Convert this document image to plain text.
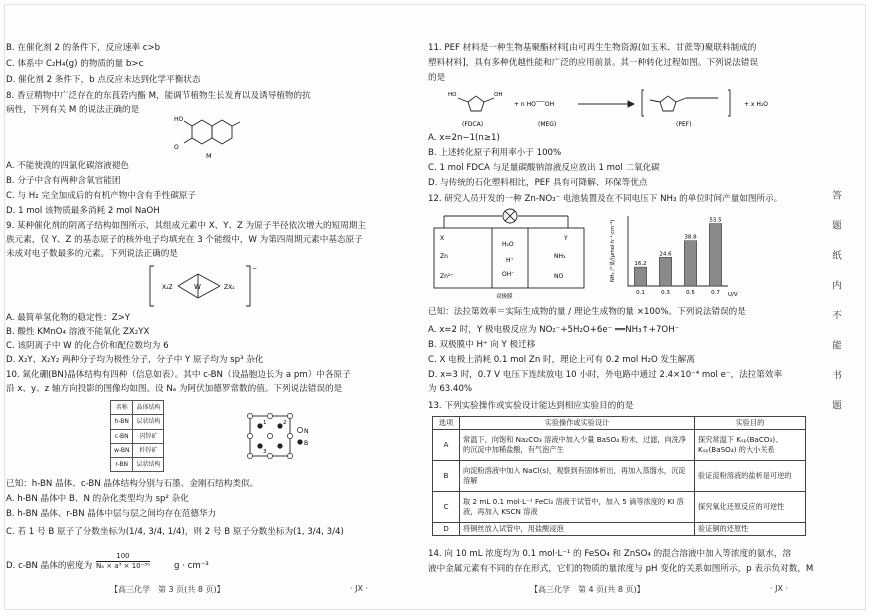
B. 在催化剂 2 的条件下，反应速率 c>b
C. 体系中 C₂H₄(g) 的物质的量 b>c
D. 催化剂 2 条件下，b 点反应未达到化学平衡状态
8. 香豆精物中广泛存在的东莨菪内酯 M，能调节植物生长发育以及诱导植物的抗
病性，下列有关 M 的说法正确的是
HO
O
M
A. 不能使溴的四氯化碳溶液褪色
B. 分子中含有两种含氧官能团
C. 与 H₂ 完全加成后的有机产物中含有手性碳原子
D. 1 mol 该物质最多消耗 2 mol NaOH
9. 某种催化剂的阴离子结构如图所示，其组成元素中 X、Y、Z 为原子半径依次增大的短周期主
族元素，仅 Y、Z 的基态原子的核外电子均填充在 3 个能级中，W 为第四周期元素中基态原子
未成对电子数最多的元素。下列说法正确的是
X₂Z	W	ZX₂
−
A. 最简单氢化物的稳定性：Z>Y
B. 酸性 KMnO₄ 溶液不能氧化 ZX₂YX
C. 该阴离子中 W 的化合价和配位数均为 6
D. X₂Y、X₂Y₂ 两种分子均为极性分子，分子中 Y 原子均为 sp³ 杂化
10. 氮化硼(BN)晶体结构有四种（信息如表）。其中 c-BN（设晶胞边长为 a pm）中各原子
沿 x、y、z 轴方向投影的图像均如图。设 Nₐ 为阿伏加德罗常数的值。下列说法错误的是
名称	晶体结构
h-BN	层状结构
c-BN	闪锌矿
w-BN	纤锌矿
r-BN	层状结构
1	2
3
N
B
已知：h-BN 晶体、c-BN 晶体结构分别与石墨、金刚石结构类似。
A. h-BN 晶体中 B、N 的杂化类型均为 sp² 杂化
B. h-BN 晶体、r-BN 晶体中层与层之间均存在范德华力
C. 若 1 号 B 原子了分数坐标为(1/4, 3/4, 1/4)，则 2 号 B 原子分数坐标为(1, 3/4, 3/4)
D. c-BN 晶体的密度为 $\frac{100}{\text{Nₐ × a³ × 10⁻³⁰}}$	g · cm⁻³
【高三化学　第 3 页(共 8 页)】	· JX ·
11. PEF 材料是一种生物基聚酯材料[由可再生生物资源(如玉米、甘蔗等)聚联料制成的
塑料材料]，具有多种优越性能和广泛的应用前景。其一种转化过程如图。下列说法错误
的是
HO	OH
(FDCA)
+ n HO‾‾‾OH
(MEG)	(PEF)
+ x H₂O
A. x=2n−1(n≥1)
B. 上述转化原子利用率小于 100%
C. 1 mol FDCA 与足量碳酸钠溶液反应放出 1 mol 二氧化碳
D. 与传统的石化塑料相比，PEF 具有可降解、环保等优点
12. 研究人员开发的一种 Zn-NO₃⁻ 电池装置及在不同电压下 NH₃ 的单位时间产量如图所示。
X	Y
Zn
Zn²⁺
H₂O
H⁺
OH⁻
NH₃
NO
双极膜
NH₃ 产量/(μmol·h⁻¹·cm⁻²)
U/V
16.2
0.1
24.6
0.3
38.8
0.5
53.5
0.7
已知：法拉第效率＝实际生成物的量 / 理论生成物的量 ×100%。下列说法错误的是
A. x=2 时，Y 极电极反应为 NO₂⁻+5H₂O+6e⁻ ══NH₃↑+7OH⁻
B. 双极膜中 H⁺ 向 Y 极迁移
C. X 电极上消耗 0.1 mol Zn 时，理论上可有 0.2 mol H₂O 发生解离
D. x=3 时，0.7 V 电压下连续放电 10 小时，外电路中通过 2.4×10⁻⁴ mol e⁻，法拉第效率
为 63.40%
13. 下列实验操作或实验设计能达到相应实验目的的是
选项	实验操作或实验设计	实验目的
A	常温下，向饱和 Na₂CO₃ 溶液中加入少量 BaSO₄ 粉末，过滤，向洗净的沉淀中加稀盐酸，有气泡产生	探究常温下 Kₛₚ(BaCO₃)、Kₛₚ(BaSO₄) 的大小关系
B	向淀粉溶液中加入 NaCl(s)，观察到有固体析出，再加入蒸馏水，沉淀溶解	验证淀粉溶液的盐析是可逆的
C	取 2 mL 0.1 mol·L⁻¹ FeCl₃ 溶液于试管中，加入 5 滴等浓度的 KI 溶液，再加入 KSCN 溶液	探究氧化还原反应的可逆性
D	将铜丝放入试管中，用盐酸浸泡	验证铜的还原性
14. 向 10 mL 浓度均为 0.1 mol·L⁻¹ 的 FeSO₄ 和 ZnSO₄ 的混合溶液中加入等浓度的氨水，溶
液中金属元素有不同的存在形式，它们的物质的量浓度与 pH 变化的关系如图所示，p 表示负对数，M
【高三化学　第 4 页(共 8 页)】	· JX ·
答
题
纸
内
不
能
书
题
